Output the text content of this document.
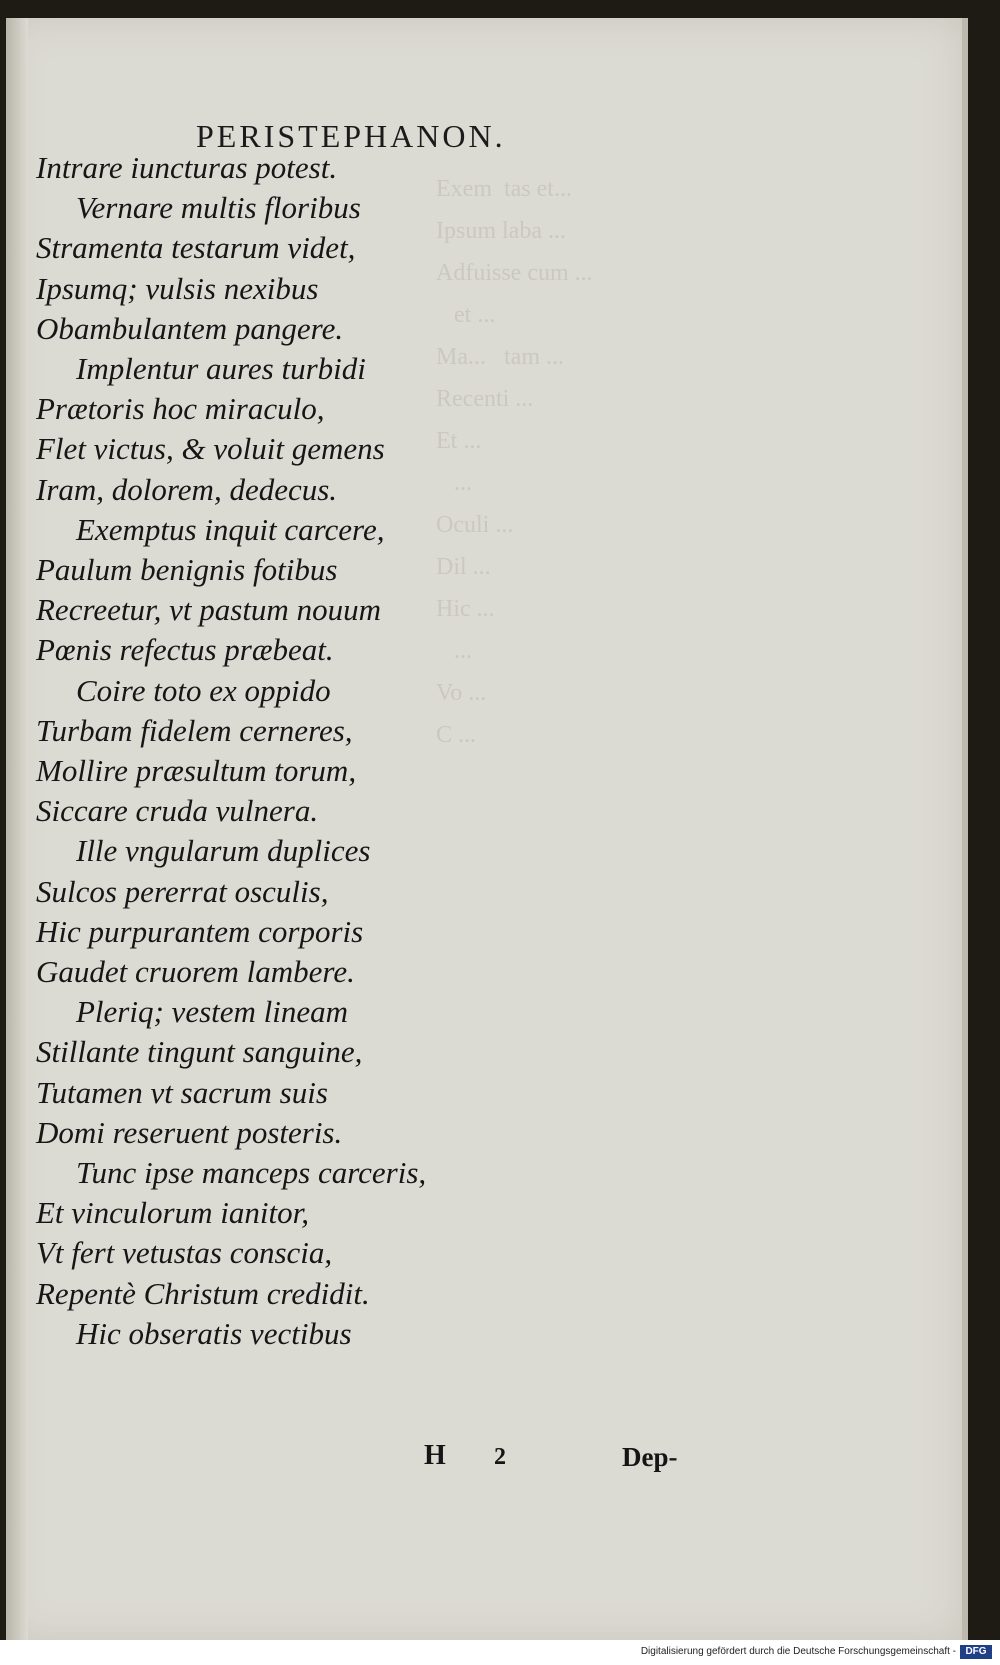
PERISTEPHANON.
Intrare iuncturas potest.
Vernare multis floribus
Stramenta testarum videt,
Ipsumq; vulsis nexibus
Obambulantem pangere.
Implentur aures turbidi
Prætoris hoc miraculo,
Flet victus, & voluit gemens
Iram, dolorem, dedecus.
Exemptus inquit carcere,
Paulum benignis fotibus
Recreetur, vt pastum nouum
Pœnis refectus præbeat.
Coire toto ex oppido
Turbam fidelem cerneres,
Mollire præsultum torum,
Siccare cruda vulnera.
Ille vngularum duplices
Sulcos pererrat osculis,
Hic purpurantem corporis
Gaudet cruorem lambere.
Pleriq; vestem lineam
Stillante tingunt sanguine,
Tutamen vt sacrum suis
Domi reseruent posteris.
Tunc ipse manceps carceris,
Et vinculorum ianitor,
Vt fert vetustas conscia,
Repentè Christum credidit.
Hic obseratis vectibus
Exem  tas et...
Ipsum laba ...
Adfuisse cum ...
et ...
Ma...   tam ...
Recenti ...
Et ...
...
Oculi ...
Dil ...
Hic ...
...
Vo ...
C ...
H 2	Dep-
Digitalisierung gefördert durch die Deutsche Forschungsgemeinschaft - DFG
